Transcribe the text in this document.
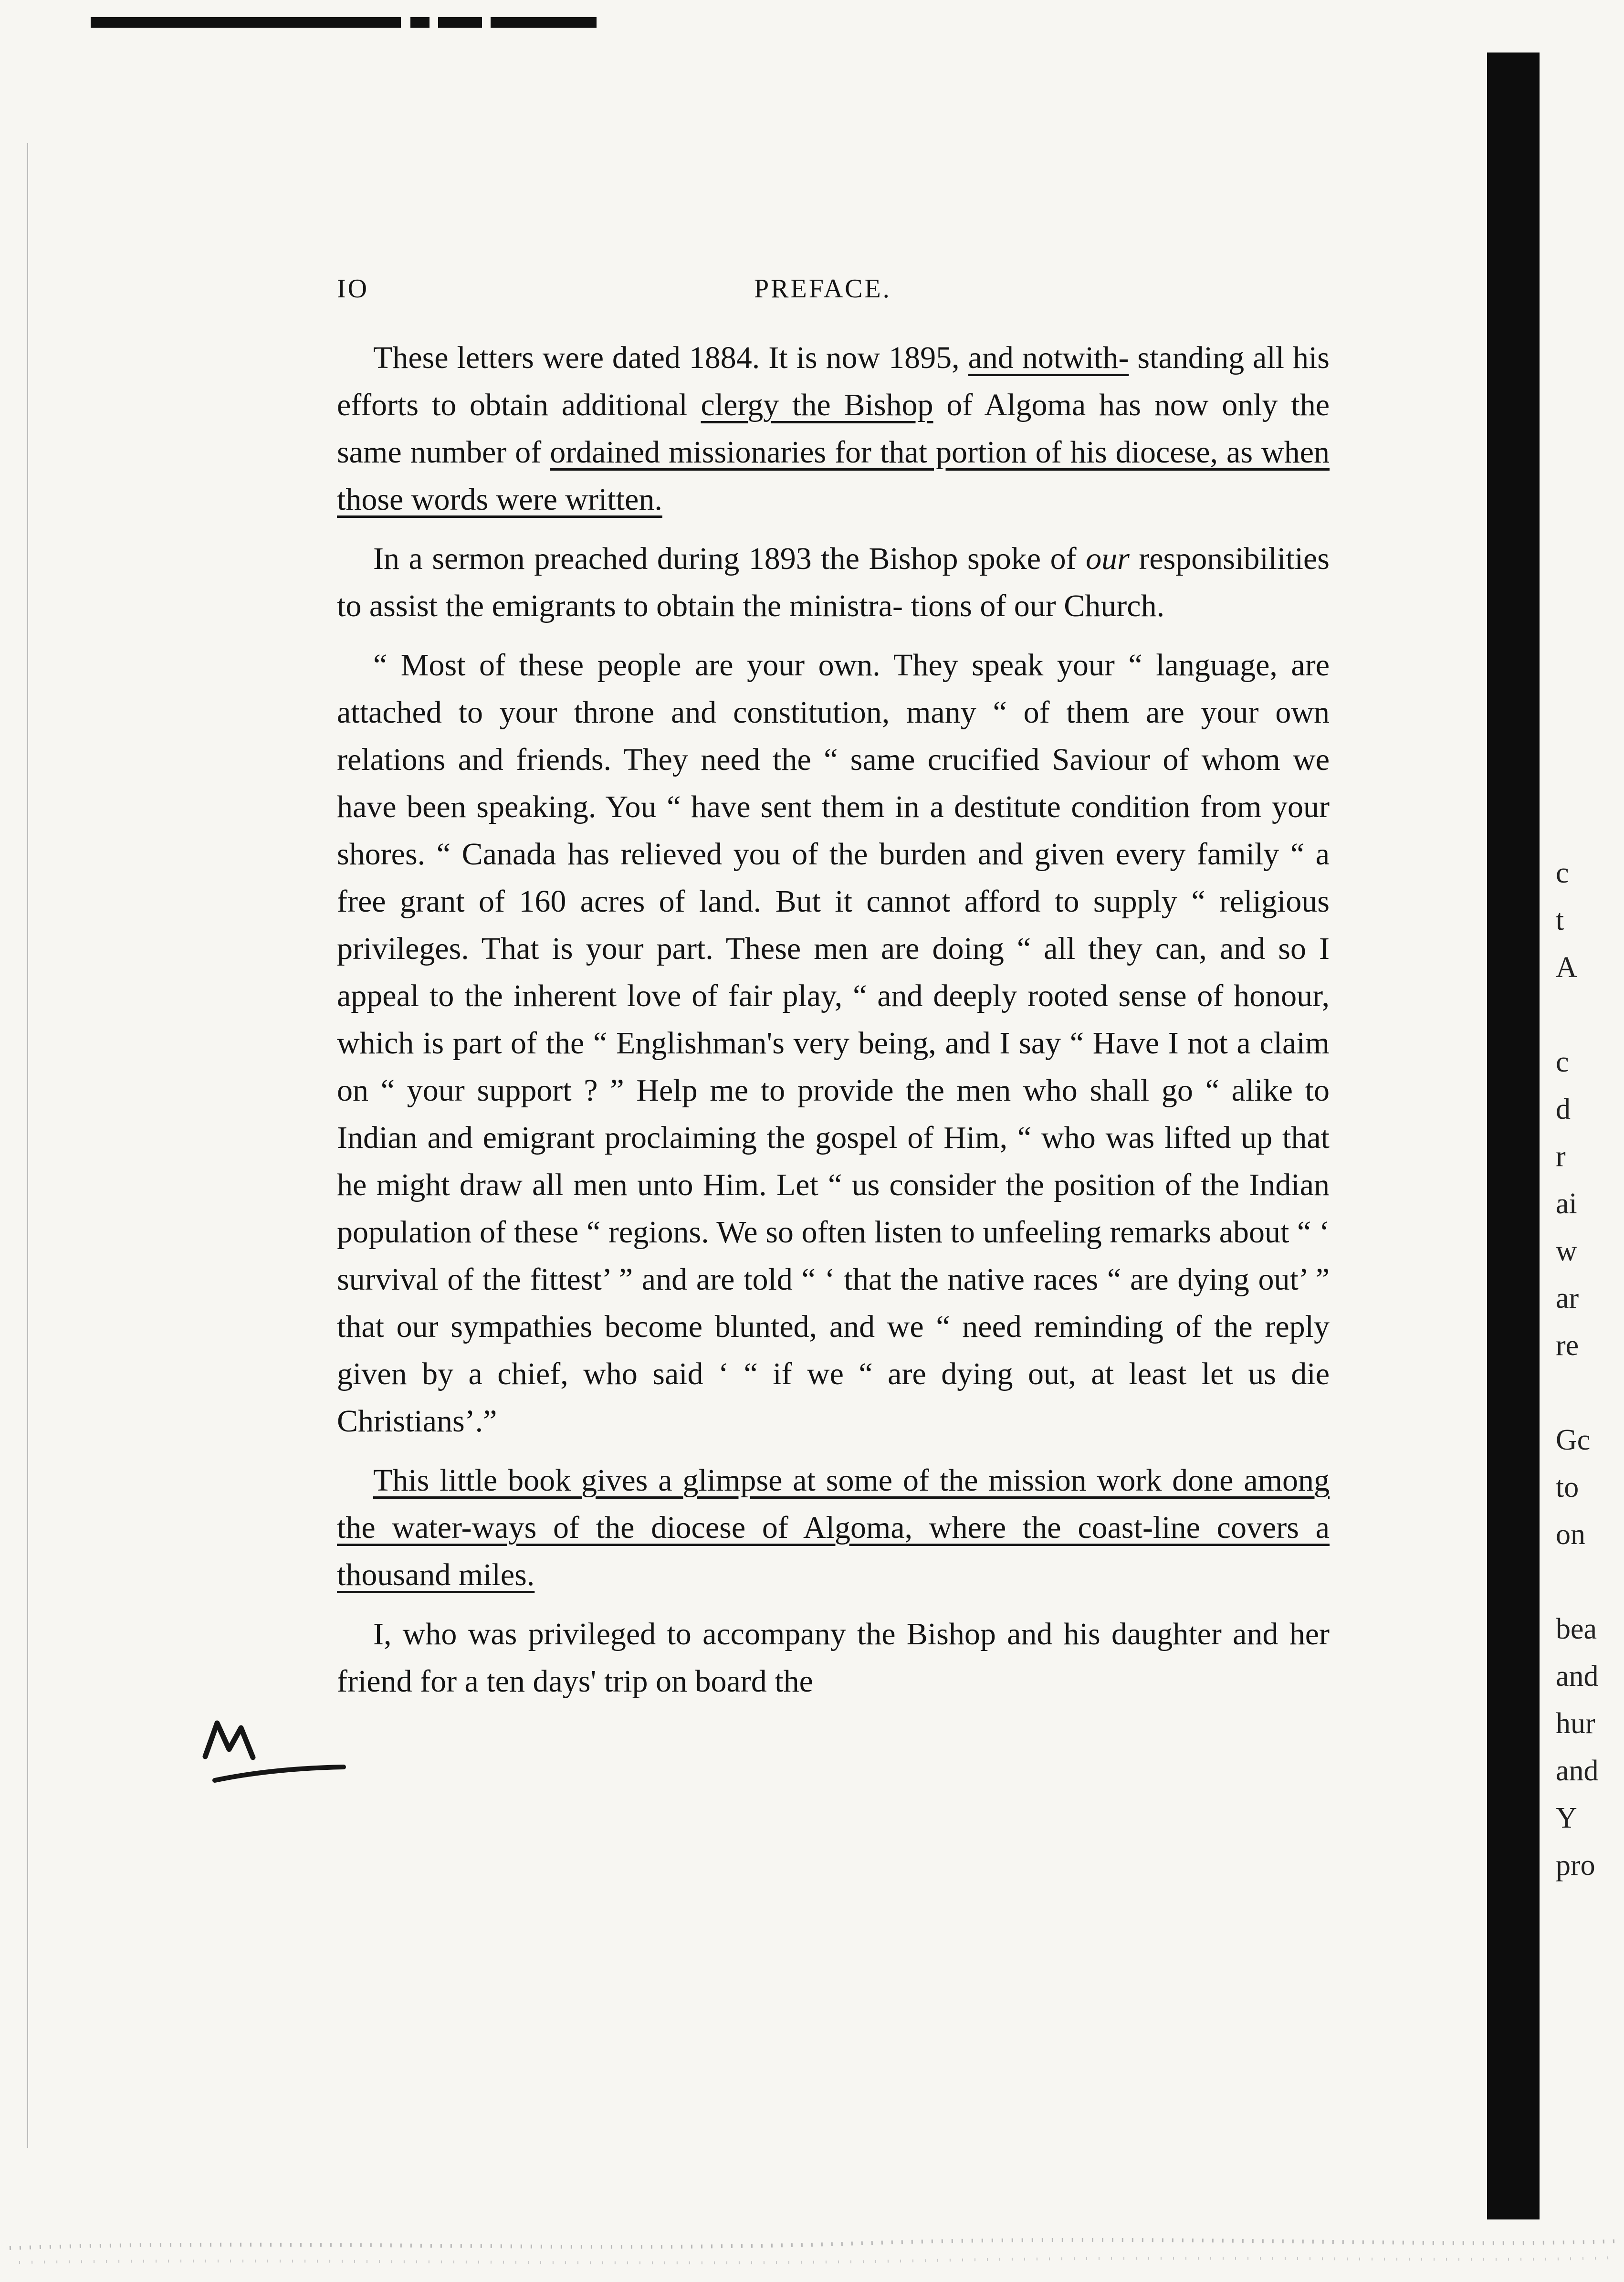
IO	PREFACE.

These letters were dated 1884. It is now 1895, and notwith- standing all his efforts to obtain additional clergy the Bishop of Algoma has now only the same number of ordained missionaries for that portion of his diocese, as when those words were written.

In a sermon preached during 1893 the Bishop spoke of our responsibilities to assist the emigrants to obtain the ministra- tions of our Church.

“ Most of these people are your own. They speak your “ language, are attached to your throne and constitution, many “ of them are your own relations and friends. They need the “ same crucified Saviour of whom we have been speaking. You “ have sent them in a destitute condition from your shores. “ Canada has relieved you of the burden and given every family “ a free grant of 160 acres of land. But it cannot afford to supply “ religious privileges. That is your part. These men are doing “ all they can, and so I appeal to the inherent love of fair play, “ and deeply rooted sense of honour, which is part of the “ Englishman's very being, and I say “ Have I not a claim on “ your support ? ” Help me to provide the men who shall go “ alike to Indian and emigrant proclaiming the gospel of Him, “ who was lifted up that he might draw all men unto Him. Let “ us consider the position of the Indian population of these “ regions. We so often listen to unfeeling remarks about “ ‘ survival of the fittest’ ” and are told “ ‘ that the native races “ are dying out’ ” that our sympathies become blunted, and we “ need reminding of the reply given by a chief, who said ‘ “ if we “ are dying out, at least let us die Christians’.”

This little book gives a glimpse at some of the mission work done among the water-ways of the diocese of Algoma, where the coast-line covers a thousand miles.

I, who was privileged to accompany the Bishop and his daughter and her friend for a ten days' trip on board the

c
t
A
c
d
r
ai
w
ar
re
Gc
to
on
bea
and
hur
and
Y
pro
